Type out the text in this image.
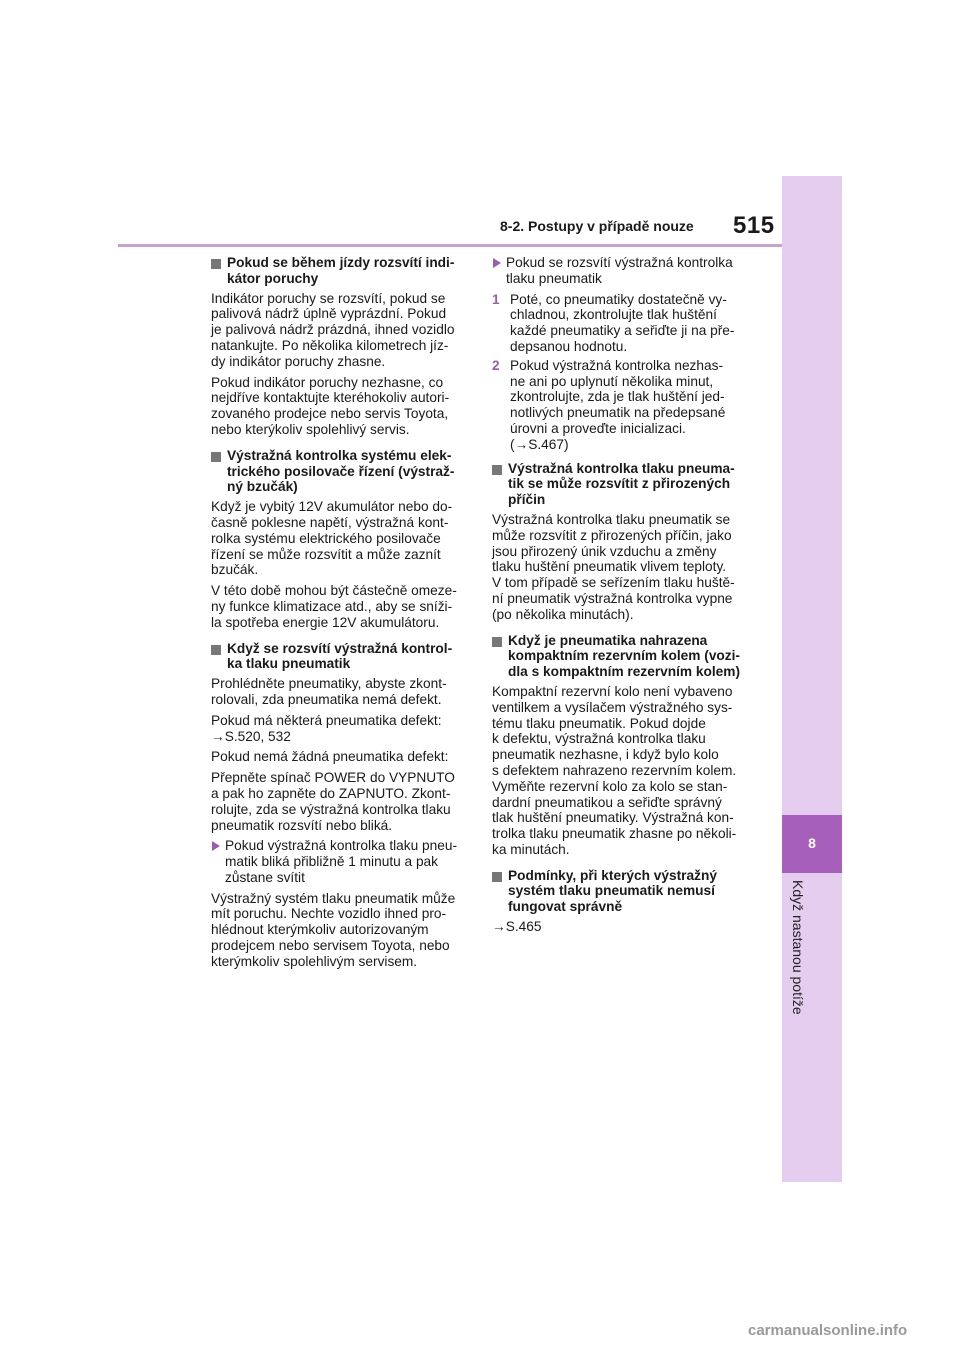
8-2. Postupy v případě nouze 515
8
Když nastanou potíže
Pokud se během jízdy rozsvítí indi-
kátor poruchy
Indikátor poruchy se rozsvítí, pokud se
palivová nádrž úplně vyprázdní. Pokud
je palivová nádrž prázdná, ihned vozidlo
natankujte. Po několika kilometrech jíz-
dy indikátor poruchy zhasne.
Pokud indikátor poruchy nezhasne, co
nejdříve kontaktujte kteréhokoliv autori-
zovaného prodejce nebo servis Toyota,
nebo kterýkoliv spolehlivý servis.
Výstražná kontrolka systému elek-
trického posilovače řízení (výstraž-
ný bzučák)
Když je vybitý 12V akumulátor nebo do-
časně poklesne napětí, výstražná kont-
rolka systému elektrického posilovače
řízení se může rozsvítit a může zaznít
bzučák.
V této době mohou být částečně omeze-
ny funkce klimatizace atd., aby se sníži-
la spotřeba energie 12V akumulátoru.
Když se rozsvítí výstražná kontrol-
ka tlaku pneumatik
Prohlédněte pneumatiky, abyste zkont-
rolovali, zda pneumatika nemá defekt.
Pokud má některá pneumatika defekt:
→S.520, 532
Pokud nemá žádná pneumatika defekt:
Přepněte spínač POWER do VYPNUTO
a pak ho zapněte do ZAPNUTO. Zkont-
rolujte, zda se výstražná kontrolka tlaku
pneumatik rozsvítí nebo bliká.
Pokud výstražná kontrolka tlaku pneu-
matik bliká přibližně 1 minutu a pak
zůstane svítit
Výstražný systém tlaku pneumatik může
mít poruchu. Nechte vozidlo ihned pro-
hlédnout kterýmkoliv autorizovaným
prodejcem nebo servisem Toyota, nebo
kterýmkoliv spolehlivým servisem.
Pokud se rozsvítí výstražná kontrolka
tlaku pneumatik
1 Poté, co pneumatiky dostatečně vy-
chladnou, zkontrolujte tlak huštění
každé pneumatiky a seřiďte ji na pře-
depsanou hodnotu.
2 Pokud výstražná kontrolka nezhas-
ne ani po uplynutí několika minut,
zkontrolujte, zda je tlak huštění jed-
notlivých pneumatik na předepsané
úrovni a proveďte inicializaci.
(→S.467)
Výstražná kontrolka tlaku pneuma-
tik se může rozsvítit z přirozených
příčin
Výstražná kontrolka tlaku pneumatik se
může rozsvítit z přirozených příčin, jako
jsou přirozený únik vzduchu a změny
tlaku huštění pneumatik vlivem teploty.
V tom případě se seřízením tlaku huště-
ní pneumatik výstražná kontrolka vypne
(po několika minutách).
Když je pneumatika nahrazena
kompaktním rezervním kolem (vozi-
dla s kompaktním rezervním kolem)
Kompaktní rezervní kolo není vybaveno
ventilkem a vysílačem výstražného sys-
tému tlaku pneumatik. Pokud dojde
k defektu, výstražná kontrolka tlaku
pneumatik nezhasne, i když bylo kolo
s defektem nahrazeno rezervním kolem.
Vyměňte rezervní kolo za kolo se stan-
dardní pneumatikou a seřiďte správný
tlak huštění pneumatiky. Výstražná kon-
trolka tlaku pneumatik zhasne po několi-
ka minutách.
Podmínky, při kterých výstražný
systém tlaku pneumatik nemusí
fungovat správně
→S.465
carmanualsonline.info
